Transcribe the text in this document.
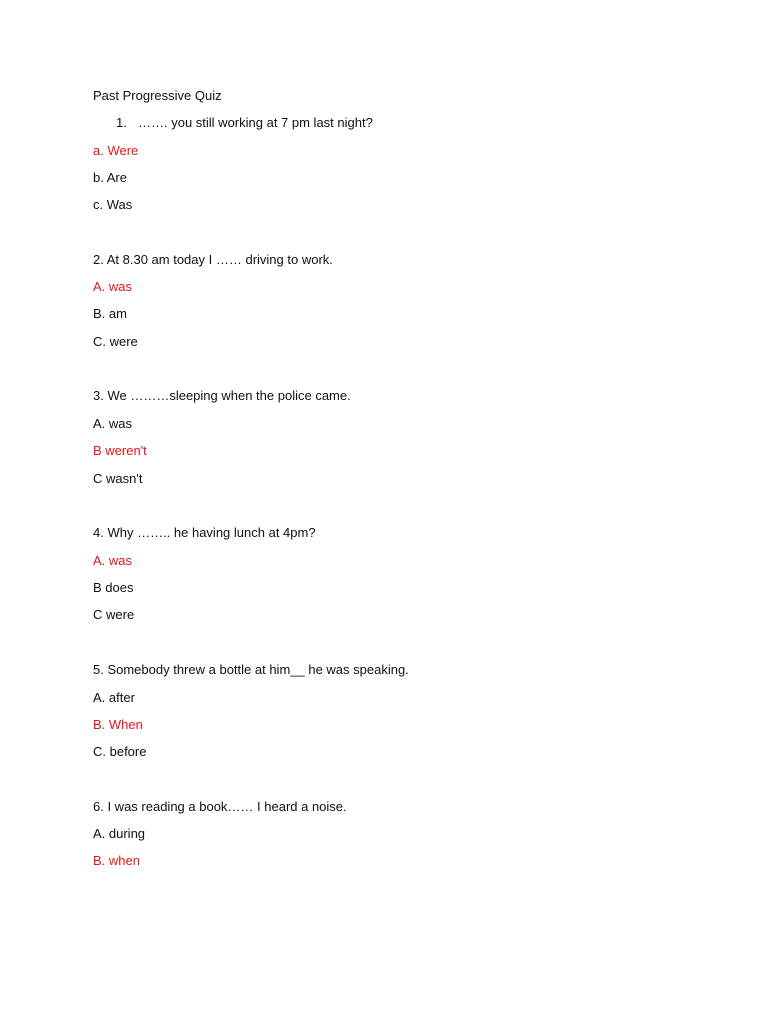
Past Progressive Quiz
1. ……. you still working at 7 pm last night?
a. Were
b. Are
c. Was
2. At 8.30 am today I …… driving to work.
A. was
B. am
C. were
3. We ………sleeping when the police came.
A. was
B weren't
C wasn't
4. Why …….. he having lunch at 4pm?
A. was
B does
C were
5. Somebody threw a bottle at him__ he was speaking.
A. after
B. When
C. before
6. I was reading a book…… I heard a noise.
A. during
B. when
